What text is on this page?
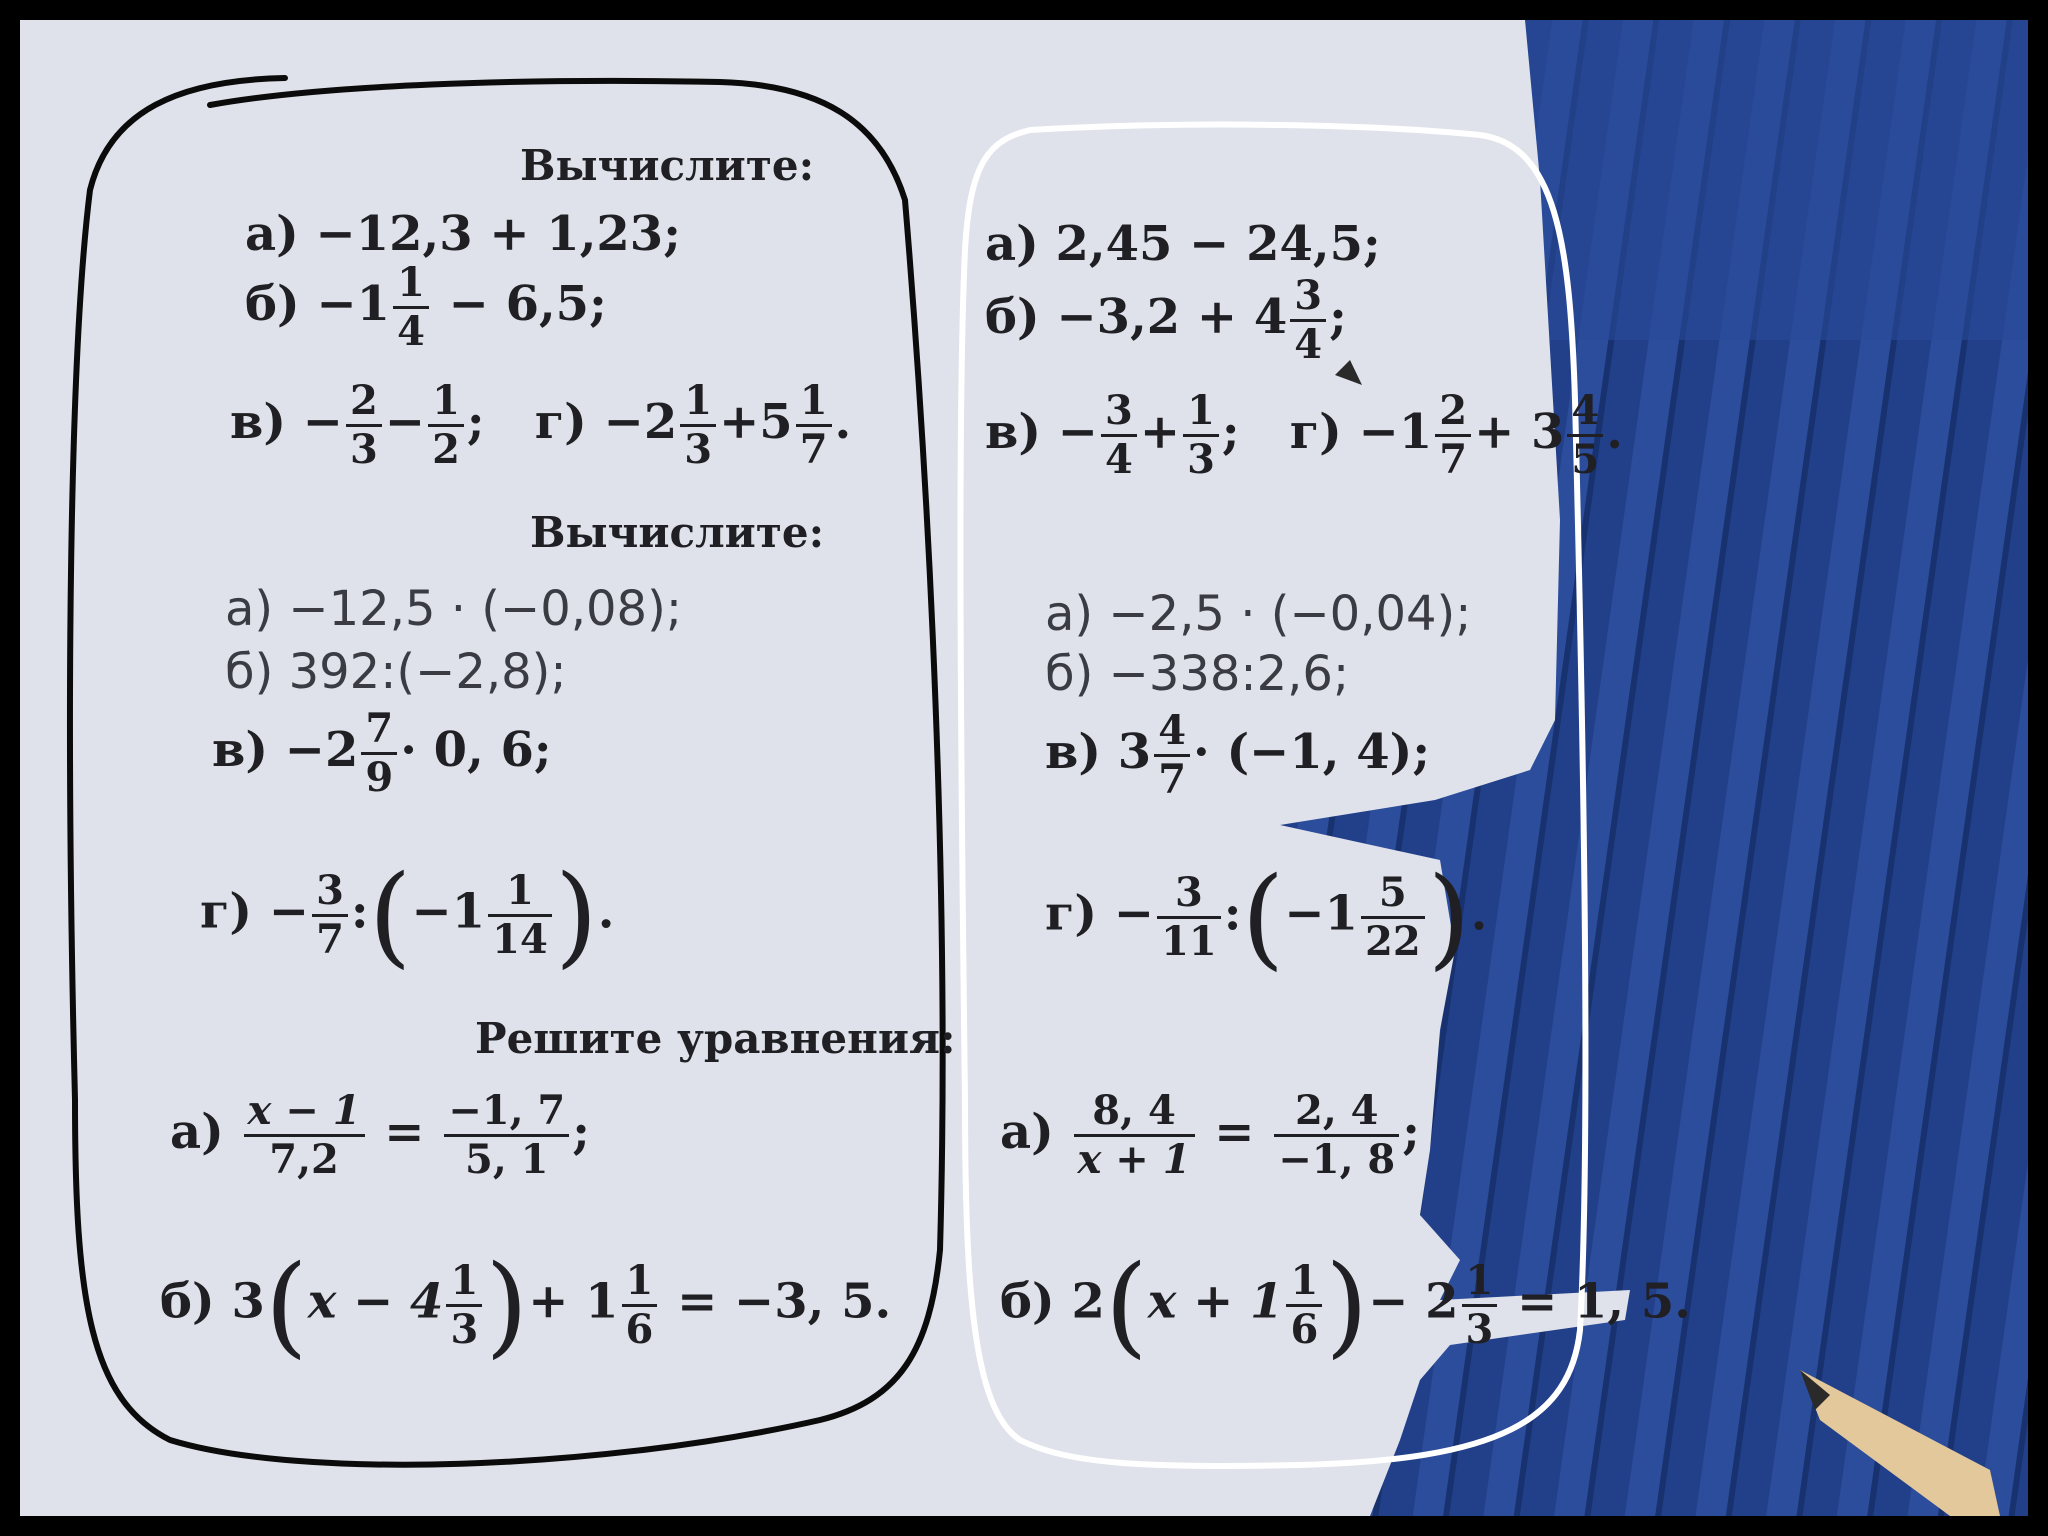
Вычислите:
а) −12,3 + 1,23;
$б) -1 \frac{1}{4} - 6,5$;
$в) - \frac{2}{3} - \frac{1}{2}$ ; $г) -2 \frac{1}{3} +5 \frac{1}{7}$ .
Вычислите:
а) −12,5 · (−0,08);
б) 392:(−2,8);
$в) -2 \frac{7}{9} \cdot 0$, 6;
$г) - \frac{3}{7}$ :(−1 $\frac{1}{14}$ ).
Решите уравнения:
$а) \frac{x - 1}{7,2} = \frac{-1, 7}{5, 1}$ ;
б) $3(x - 4 \frac{1}{3}$ )+ $1 \frac{1}{6} = -3$, 5.
а) 2,45 − 24,5;
$б) -3,2 + 4 \frac{3}{4}$ ;
$в) - \frac{3}{4} + \frac{1}{3}$ ; $г) -1 \frac{2}{7} + 3 \frac{4}{5}$ .
а) −2,5 · (−0,04);
б) −338:2,6;
в) $3 \frac{4}{7} \cdot (-1$, 4);
$г) - \frac{3}{11}$ :(−1 $\frac{5}{22}$ ).
$а) \frac{8, 4}{x + 1} = \frac{2, 4}{-1, 8}$ ;
б) $2(x + 1 \frac{1}{6}$ )− $2 \frac{1}{3} = 1$, 5.
